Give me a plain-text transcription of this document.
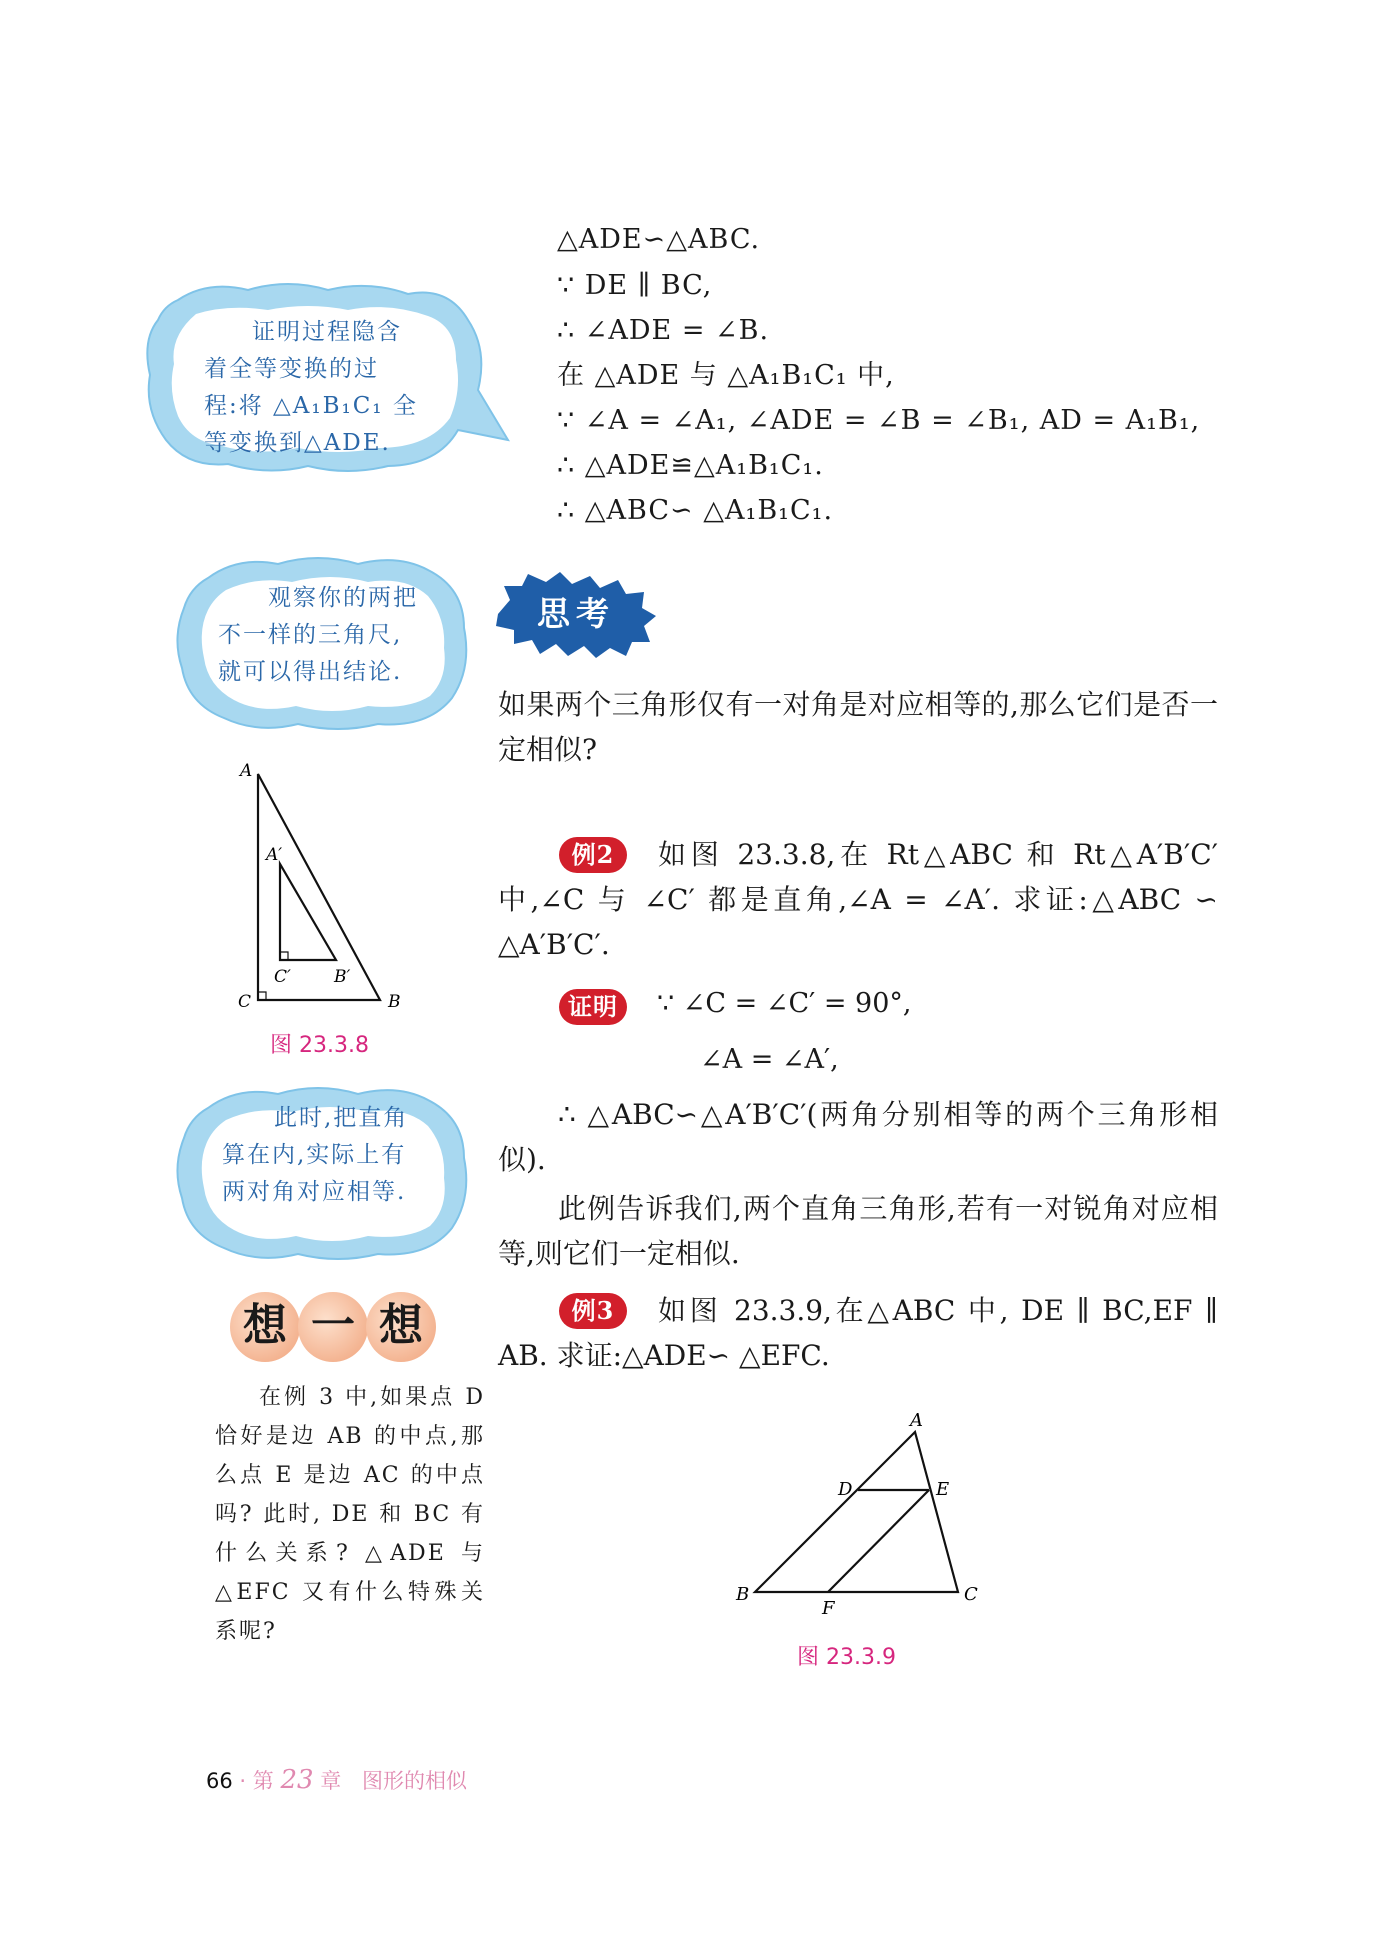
△ADE∽△ABC.
∵ DE ∥ BC,
∴ ∠ADE = ∠B.
在 △ADE 与 △A₁B₁C₁ 中,
∵ ∠A = ∠A₁, ∠ADE = ∠B = ∠B₁, AD = A₁B₁,
∴ △ADE≌△A₁B₁C₁.
∴ △ABC∽ △A₁B₁C₁.
证明过程隐含
着全等变换的过
程:将 △A₁B₁C₁ 全
等变换到△ADE.
观察你的两把
不一样的三角尺,
就可以得出结论.
思考
如果两个三角形仅有一对角是对应相等的,那么它们是否一定相似?
A
A′
C′	B′
C	B
图 23.3.8
例2	如图 23.3.8,在 Rt△ABC 和 Rt△A′B′C′中,∠C 与 ∠C′ 都是直角,∠A = ∠A′. 求证:△ABC ∽ △A′B′C′.
证明	∵ ∠C = ∠C′ = 90°,
∠A = ∠A′,
此时,把直角
算在内,实际上有
两对角对应相等.
∴ △ABC∽△A′B′C′(两角分别相等的两个三角形相似).
此例告诉我们,两个直角三角形,若有一对锐角对应相等,则它们一定相似.
想 一 想
在例 3 中,如果点 D 恰好是边 AB 的中点,那么点 E 是边 AC 的中点吗? 此时, DE 和 BC 有什么关系? △ADE 与 △EFC 又有什么特殊关系呢?
例3	如图 23.3.9,在△ABC 中, DE ∥ BC,EF ∥ AB. 求证:△ADE∽ △EFC.
A
D	E
B
F
C
图 23.3.9
66 · 第 23 章 图形的相似
